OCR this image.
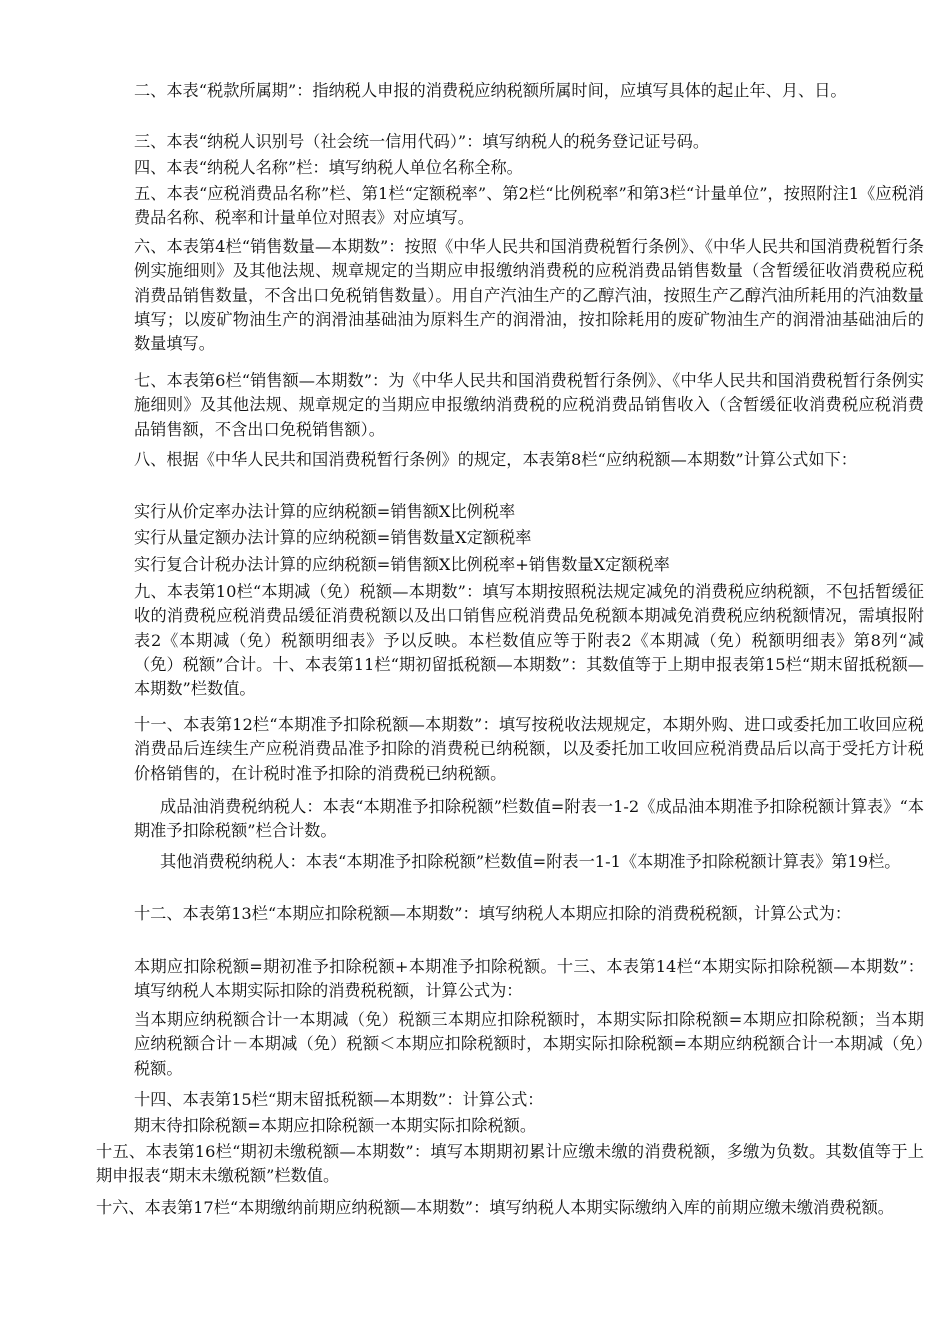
二、本表“税款所属期”：指纳税人申报的消费税应纳税额所属时间，应填写具体的起止年、月、日。

三、本表“纳税人识别号（社会统一信用代码）”：填写纳税人的税务登记证号码。

四、本表“纳税人名称”栏：填写纳税人单位名称全称。

五、本表“应税消费品名称”栏、第1栏“定额税率”、第2栏“比例税率”和第3栏“计量单位”，按照附注1《应税消费品名称、税率和计量单位对照表》对应填写。

六、本表第4栏“销售数量—本期数”：按照《中华人民共和国消费税暂行条例》、《中华人民共和国消费税暂行条例实施细则》及其他法规、规章规定的当期应申报缴纳消费税的应税消费品销售数量（含暂缓征收消费税应税消费品销售数量，不含出口免税销售数量）。用自产汽油生产的乙醇汽油，按照生产乙醇汽油所耗用的汽油数量填写；以废矿物油生产的润滑油基础油为原料生产的润滑油，按扣除耗用的废矿物油生产的润滑油基础油后的数量填写。

七、本表第6栏“销售额—本期数”：为《中华人民共和国消费税暂行条例》、《中华人民共和国消费税暂行条例实施细则》及其他法规、规章规定的当期应申报缴纳消费税的应税消费品销售收入（含暂缓征收消费税应税消费品销售额，不含出口免税销售额）。

八、根据《中华人民共和国消费税暂行条例》的规定，本表第8栏“应纳税额—本期数”计算公式如下：

实行从价定率办法计算的应纳税额=销售额X比例税率

实行从量定额办法计算的应纳税额=销售数量X定额税率

实行复合计税办法计算的应纳税额=销售额X比例税率+销售数量X定额税率

九、本表第10栏“本期减（免）税额—本期数”：填写本期按照税法规定减免的消费税应纳税额，不包括暂缓征收的消费税应税消费品缓征消费税额以及出口销售应税消费品免税额本期减免消费税应纳税额情况，需填报附表2《本期减（免）税额明细表》予以反映。本栏数值应等于附表2《本期减（免）税额明细表》第8列“减（免）税额”合计。十、本表第11栏“期初留抵税额—本期数”：其数值等于上期申报表第15栏“期末留抵税额—本期数”栏数值。

十一、本表第12栏“本期准予扣除税额—本期数”：填写按税收法规规定，本期外购、进口或委托加工收回应税消费品后连续生产应税消费品准予扣除的消费税已纳税额，以及委托加工收回应税消费品后以高于受托方计税价格销售的，在计税时准予扣除的消费税已纳税额。

成品油消费税纳税人：本表“本期准予扣除税额”栏数值=附表一1-2《成品油本期准予扣除税额计算表》“本期准予扣除税额”栏合计数。

其他消费税纳税人：本表“本期准予扣除税额”栏数值=附表一1-1《本期准予扣除税额计算表》第19栏。

十二、本表第13栏“本期应扣除税额—本期数”：填写纳税人本期应扣除的消费税税额，计算公式为：

本期应扣除税额=期初准予扣除税额+本期准予扣除税额。十三、本表第14栏“本期实际扣除税额—本期数”：填写纳税人本期实际扣除的消费税税额，计算公式为：

当本期应纳税额合计一本期减（免）税额三本期应扣除税额时，本期实际扣除税额=本期应扣除税额；当本期应纳税额合计－本期减（免）税额＜本期应扣除税额时，本期实际扣除税额=本期应纳税额合计一本期减（免）税额。

十四、本表第15栏“期末留抵税额—本期数”：计算公式：

期末待扣除税额=本期应扣除税额一本期实际扣除税额。

十五、本表第16栏“期初未缴税额—本期数”：填写本期期初累计应缴未缴的消费税额，多缴为负数。其数值等于上期申报表“期末未缴税额”栏数值。

十六、本表第17栏“本期缴纳前期应纳税额—本期数”：填写纳税人本期实际缴纳入库的前期应缴未缴消费税额。
